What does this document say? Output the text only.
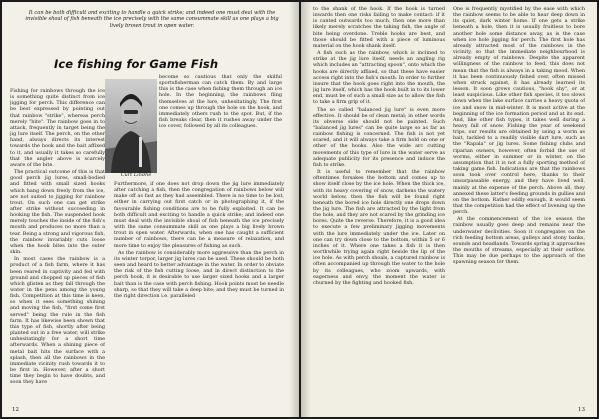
It can be both difficult and exciting to handle a quick strike; and indeed one must deal with the invisible shoal of fish beneath the ice precisely with the same consummate skill as one plays a big lively brown trout in open water.
Ice fishing for Game Fish

Fishing for rainbows through the ice is something quite distinct from ice jigging for perch. This difference can be best expressed by pointing out that rainbow "strike", whereas perch merely "bite". The rainbow goes in to attack, frequently in target being the jig lure itself. The perch, on the other hand, always directs its interest towards the hook and the bait affixed to it, and usually it takes so carefully that the angler above is scarcely aware of the bite.

The practical outcome of this is that good perch jig lures, small-bodied and fitted with small sized hooks which hang down freely from the ice, are not suited to jigging for rainbow trout. On such one can get strike after strike without succeeding in hooking the fish. The suspended hook merely touches the inside of the fish's mouth and produces no more than a tear. Being a strong and vigorous fish, the rainbow invariably cuts loose when the hook bites into the outer skin.

In most cases the rainbow is a product of a fish farm, where it has been reared in captivity and fed with ground and chopped up pieces of fish which glisten as they fall through the water in the pens among the young fish. Competition at this time is keen, so when it sees something shining and moving the fish, "first come first served" being the rule in the fish farm. It has likewise been shown that this type of fish, shortly after being planted out in a free water, will strike unhesitatingly for a short time afterwards. When a shining piece of metal bait hits the surface with a splash, then all the rainbows in the immediate vicinity rush towards it to be first in. However, after a short time they begin to have doubts, and soon they have

Curt Lindhé

become so cautious that only the skilful sportsfisherman can catch them. By and large this is the case when fishing them through an ice hole. In the beginning, the rainbows fling themselves at the lure, unhesitatingly. The first one comes up through the hole on the hook, and immediately others rush to the spot. But, if the fish breaks clear, then it rushes away under the ice cover, followed by all its colleagues.

Furthermore, if one does not drop down the jig lure immediately after catching a fish, then the congregation of rainbows below will make off as fast as they had assembled. There is no time to be lost, either in carrying out first catch or in photographing it, if the favourable fishing conditions are to be fully exploited. It can be both difficult and exciting to handle a quick strike; and indeed one must deal with the invisible shoal of fish beneath the ice precisely with the same consummate skill as one plays a big lively brown trout in open water. Afterwards, when one has caught a sufficient number of rainbows, there can be a measure of relaxation, and more time to enjoy the pleasures of fishing as such.

As the rainbow is considerably more aggressive than the perch in its winter torpor, larger jig lures can be used. These should be both seen and heard to better advantage in the water. In order to obviate the risk of the fish cutting loose, and in direct distinction to the perch hook, it is desirable to use larger sized hooks and a larger bait than is the case with perch fishing. Hook points must be needle sharp, so that they will take a deep bite; and they must be turned in the right direction i.e. paralleled

12

to the shank of the hook. If the hook is turned inwards then one risks failing to make contact: if it is canted outwards too much, then one more than likely merely scratches the taking fish, the angle of bite being overdone. Treble hooks are best, and those should be fitted with a piece of luminous material on the hook shank itself.

A fish such as the rainbow, which is inclined to strike at the jig lure itself, needs an angling rig which includes an "attracting spoon", onto which the hooks are directly affixed, so that these have easier access right into the fish's mouth. In order to further insure that the hook goes right into the mouth, the jig lure itself, which has the hook built in to its lower end, must be of such a small size as to allow the fish to take a firm grip of it.

The so called "balanced jig lure" is even more effective. It should be of clean metal; in other words its obverse side should not be painted. Such "balanced jig lures" can be quite large so as far as rainbow fishing is concerned. The fish is not yet scared, and it will always take a firm hold on one or other of the hooks. Also the wide arc cutting movements of this type of lure in the water serve as adequate publicity for its presence and induce the fish to strike.

It is useful to remember that the rainbow oftentimes forsakes the bottom and comes up to show itself close by the ice hole. When the thick ice, with its heavy covering of snow, darkens the watery world below, then the fish will be found right beneath the bored ice hole directly one drops down the jig lure. The fish are attracted by the light from the hole, and they are not scared by the grinding ice bores. Quite the reverse. Therefore, it is a good idea to execute a few preliminary jigging movements with the lure immediately under the ice. Later on one can try down close to the bottom, within 5 or 6 inches of it. Where one takes a fish it is then worthwhile trying again right beside the lip of the ice hole. As with perch shoals, a captured rainbow is often accompanied up through the water to the hole by its colleagues, who zoom upwards, with eagerness and envy, the moment the water is churned by the fighting and hooked fish.

One is frequently mystified by the ease with which the rainbow seems to be able to hear deep down in its quiet, dark winter home. If one gets a strike beneath a hole, then it is usually fruitless to bore another hole some distance away, as is the case when ice hole jigging for perch. The first hole has already attracted most of the rainbows in the vicinity, so that the immediate neighbourhood is already empty of rainbows. Despite the apparent willingness of the rainbow to feed, this does not mean that the fish is always in a taking mood. When it has been continuously fished over, often missed when struck against, it has already learned its lesson. It soon grows cautious, "hook shy", or at least suspicious. Like other fish species, it too slows down when the lake surface carries a heavy quota of ice and snow in mid-winter. It is most active at the beginning of the ice formation period and at its end. And, like other fish types, it takes well during a heavy fall of snow. Fishing the year of weekend trips, our results are obtained by using a worm as bait, tackled to a readily visible dart lure, such as the "Rapala" or jig lures. Some fishing clubs and riparian owners, however, often forbid the use of worms, either in summer or in winter, on the assumption that it is not a fully sporting method of taking game fish. Indications are that the rainbows soon took over control here, thanks to their unsurpassable energy, and they have lived well, mainly at the expense of the perch. Above all, they annexed these latter's feeding grounds in gullies and on the bottom. Rather oddly enough, it would seem that the competition had the effect of livening up the perch.

At the commencement of the ice season the rainbow usually goes deep and remains near the underwater declivities. Soon it congregates on the rich feeding bottom areas, gulleys and stony banks, sounds and headlands. Towards spring it approaches the mouths of streams, especially at their outflow. This may be due perhaps to the approach of the spawning season for them.

13
